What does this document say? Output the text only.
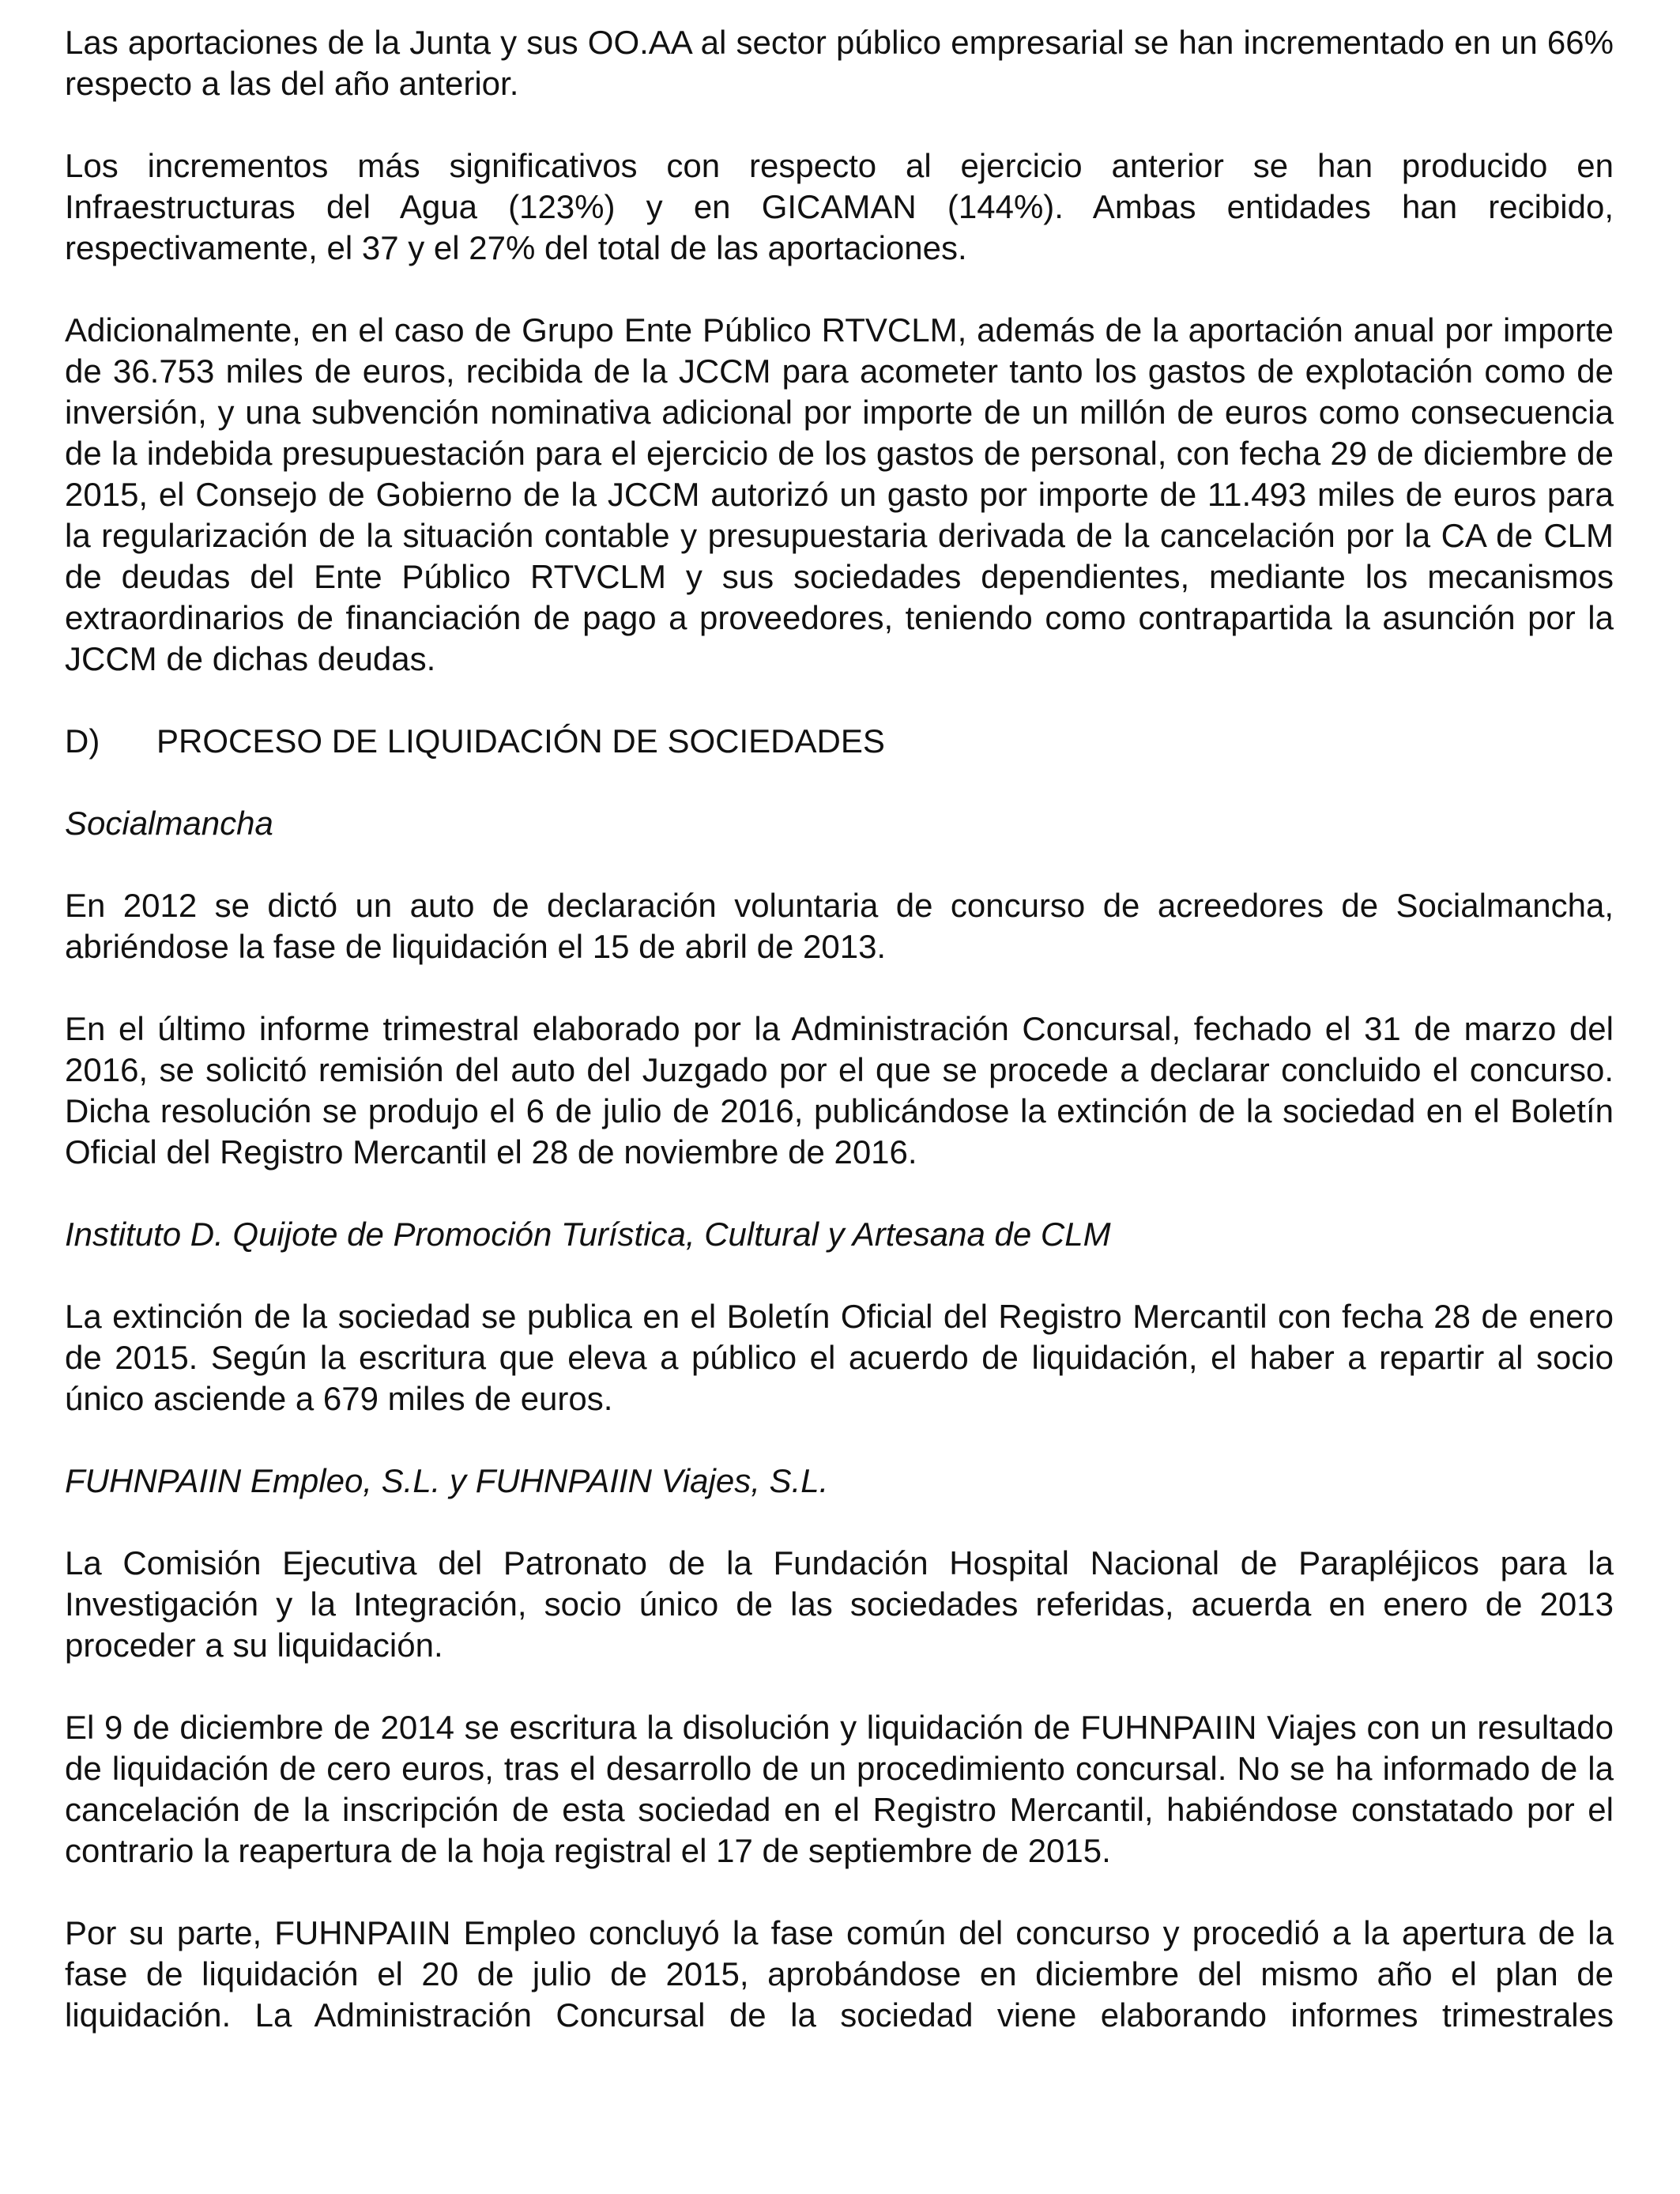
Las aportaciones de la Junta y sus OO.AA al sector público empresarial se han incrementado en un 66% respecto a las del año anterior.

Los incrementos más significativos con respecto al ejercicio anterior se han producido en Infraestructuras del Agua (123%) y en GICAMAN (144%). Ambas entidades han recibido, respectivamente, el 37 y el 27% del total de las aportaciones.

Adicionalmente, en el caso de Grupo Ente Público RTVCLM, además de la aportación anual por importe de 36.753 miles de euros, recibida de la JCCM para acometer tanto los gastos de explotación como de inversión, y una subvención nominativa adicional por importe de un millón de euros como consecuencia de la indebida presupuestación para el ejercicio de los gastos de personal, con fecha 29 de diciembre de 2015, el Consejo de Gobierno de la JCCM autorizó un gasto por importe de 11.493 miles de euros para la regularización de la situación contable y presupuestaria derivada de la cancelación por la CA de CLM de deudas del Ente Público RTVCLM y sus sociedades dependientes, mediante los mecanismos extraordinarios de financiación de pago a proveedores, teniendo como contrapartida la asunción por la JCCM de dichas deudas.

D)	PROCESO DE LIQUIDACIÓN DE SOCIEDADES

Socialmancha

En 2012 se dictó un auto de declaración voluntaria de concurso de acreedores de Socialmancha, abriéndose la fase de liquidación el 15 de abril de 2013.

En el último informe trimestral elaborado por la Administración Concursal, fechado el 31 de marzo del 2016, se solicitó remisión del auto del Juzgado por el que se procede a declarar concluido el concurso. Dicha resolución se produjo el 6 de julio de 2016, publicándose la extinción de la sociedad en el Boletín Oficial del Registro Mercantil el 28 de noviembre de 2016.

Instituto D. Quijote de Promoción Turística, Cultural y Artesana de CLM

La extinción de la sociedad se publica en el Boletín Oficial del Registro Mercantil con fecha 28 de enero de 2015. Según la escritura que eleva a público el acuerdo de liquidación, el haber a repartir al socio único asciende a 679 miles de euros.

FUHNPAIIN Empleo, S.L. y FUHNPAIIN Viajes, S.L.

La Comisión Ejecutiva del Patronato de la Fundación Hospital Nacional de Parapléjicos para la Investigación y la Integración, socio único de las sociedades referidas, acuerda en enero de 2013 proceder a su liquidación.

El 9 de diciembre de 2014 se escritura la disolución y liquidación de FUHNPAIIN Viajes con un resultado de liquidación de cero euros, tras el desarrollo de un procedimiento concursal. No se ha informado de la cancelación de la inscripción de esta sociedad en el Registro Mercantil, habiéndose constatado por el contrario la reapertura de la hoja registral el 17 de septiembre de 2015.

Por su parte, FUHNPAIIN Empleo concluyó la fase común del concurso y procedió a la apertura de la fase de liquidación el 20 de julio de 2015, aprobándose en diciembre del mismo año el plan de liquidación. La Administración Concursal de la sociedad viene elaborando informes trimestrales
